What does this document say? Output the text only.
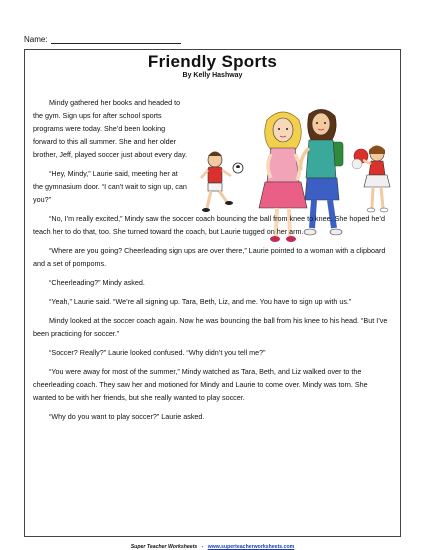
Name:
Friendly Sports
By Kelly Hashway

Mindy gathered her books and headed to the gym. Sign ups for after school sports programs were today. She’d been looking forward to this all summer. She and her older brother, Jeff, played soccer just about every day.

“Hey, Mindy,” Laurie said, meeting her at the gymnasium door. “I can’t wait to sign up, can you?”

“No, I’m really excited,” Mindy saw the soccer coach bouncing the ball from knee to knee. She hoped he’d teach her to do that, too. She turned toward the coach, but Laurie tugged on her arm.

“Where are you going? Cheerleading sign ups are over there,” Laurie pointed to a woman with a clipboard and a set of pompoms.

“Cheerleading?” Mindy asked.

“Yeah,” Laurie said. “We’re all signing up. Tara, Beth, Liz, and me. You have to sign up with us.”

Mindy looked at the soccer coach again. Now he was bouncing the ball from his knee to his head. “But I’ve been practicing for soccer.”

“Soccer? Really?” Laurie looked confused. “Why didn’t you tell me?”

“You were away for most of the summer,” Mindy watched as Tara, Beth, and Liz walked over to the cheerleading coach. They saw her and motioned for Mindy and Laurie to come over. Mindy was torn. She wanted to be with her friends, but she really wanted to play soccer.

“Why do you want to play soccer?” Laurie asked.

Super Teacher Worksheets - www.superteacherworksheets.com
